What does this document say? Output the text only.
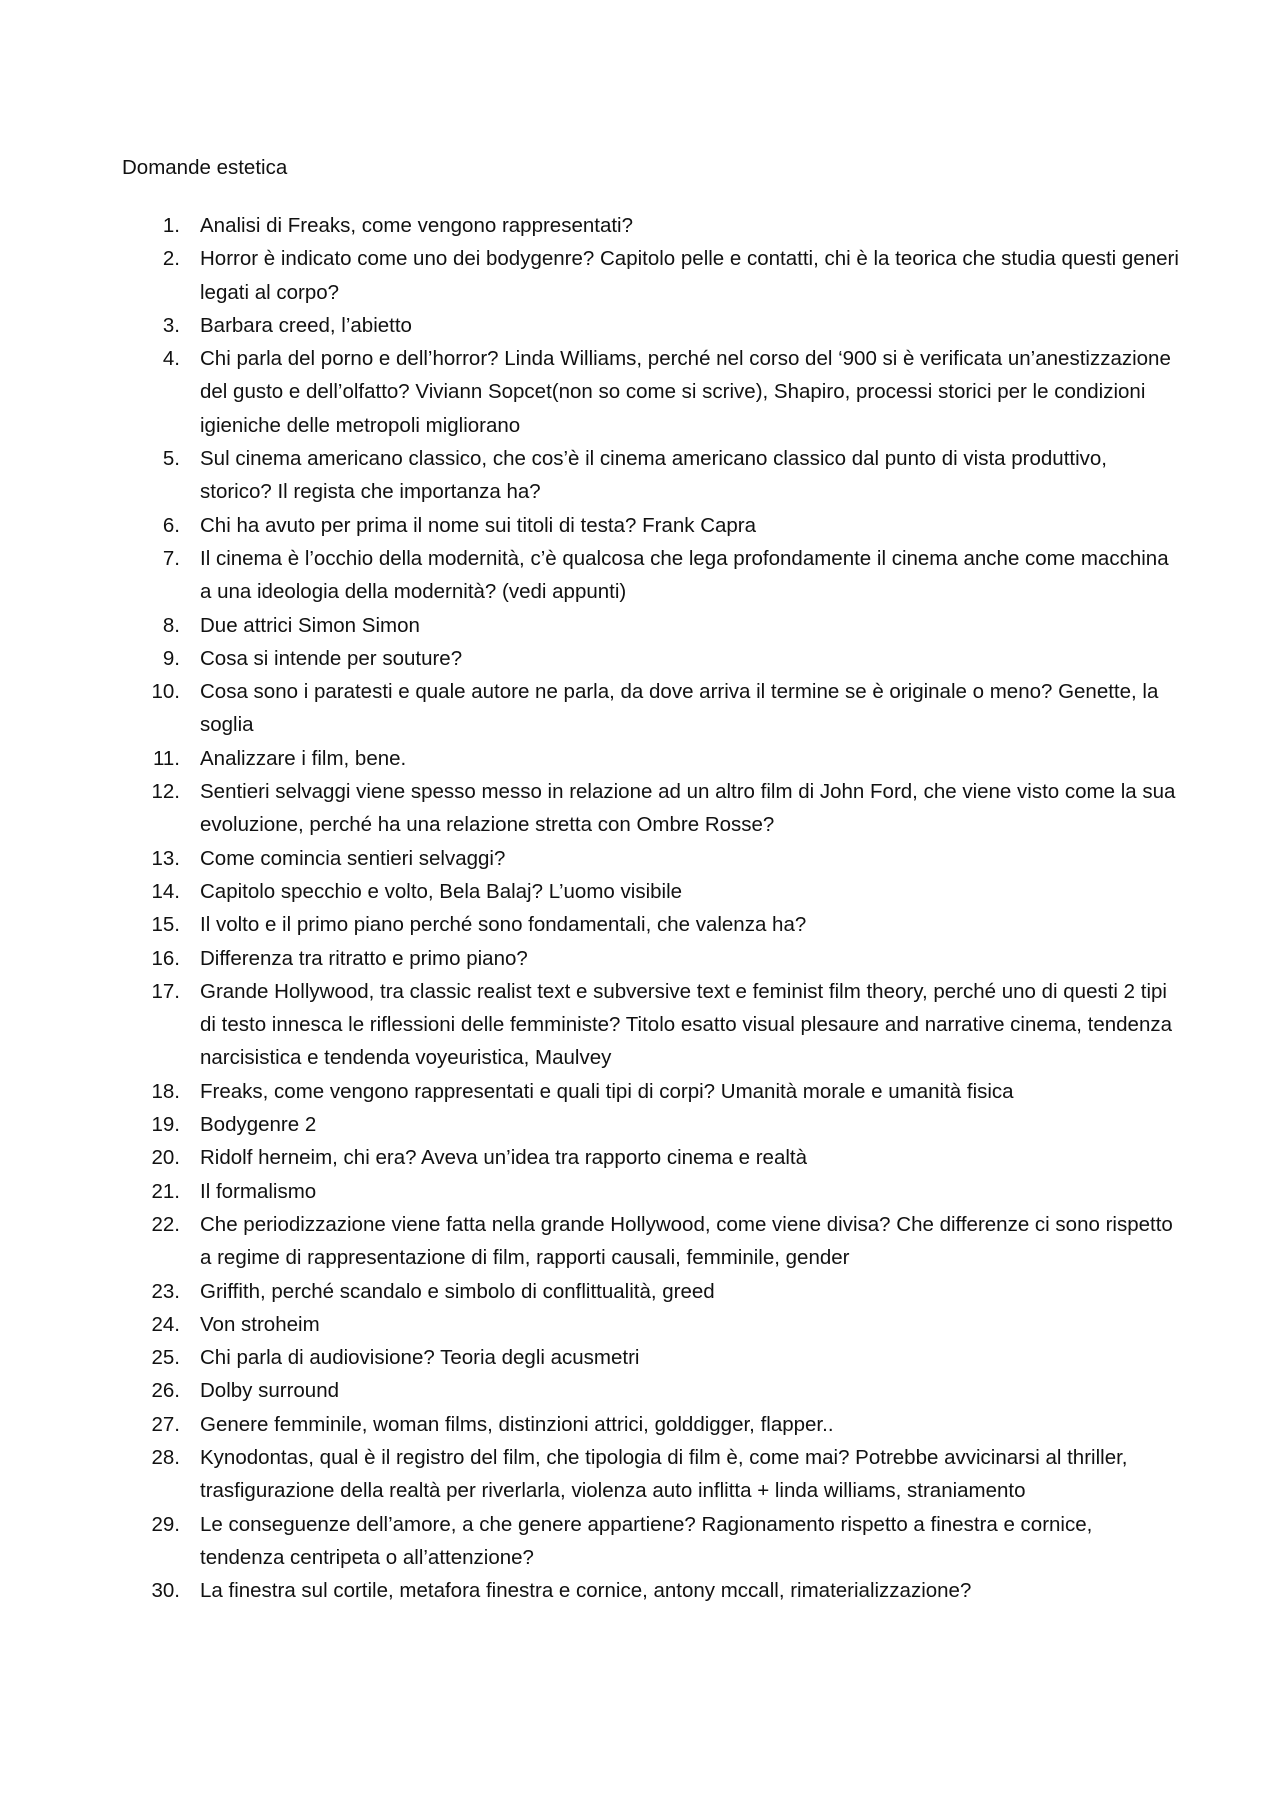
Domande estetica
1. Analisi di Freaks, come vengono rappresentati?
2. Horror è indicato come uno dei bodygenre? Capitolo pelle e contatti, chi è la teorica che studia questi generi legati al corpo?
3. Barbara creed, l’abietto
4. Chi parla del porno e dell’horror? Linda Williams, perché nel corso del ‘900 si è verificata un’anestizzazione del gusto e dell’olfatto? Viviann Sopcet(non so come si scrive), Shapiro, processi storici per le condizioni igieniche delle metropoli migliorano
5. Sul cinema americano classico, che cos’è il cinema americano classico dal punto di vista produttivo, storico? Il regista che importanza ha?
6. Chi ha avuto per prima il nome sui titoli di testa? Frank Capra
7. Il cinema è l’occhio della modernità, c’è qualcosa che lega profondamente il cinema anche come macchina a una ideologia della modernità? (vedi appunti)
8. Due attrici Simon Simon
9. Cosa si intende per souture?
10. Cosa sono i paratesti e quale autore ne parla, da dove arriva il termine se è originale o meno? Genette, la soglia
11. Analizzare i film, bene.
12. Sentieri selvaggi viene spesso messo in relazione ad un altro film di John Ford, che viene visto come la sua evoluzione, perché ha una relazione stretta con Ombre Rosse?
13. Come comincia sentieri selvaggi?
14. Capitolo specchio e volto, Bela Balaj? L’uomo visibile
15. Il volto e il primo piano perché sono fondamentali, che valenza ha?
16. Differenza tra ritratto e primo piano?
17. Grande Hollywood, tra classic realist text e subversive text e feminist film theory, perché uno di questi 2 tipi di testo innesca le riflessioni delle femministe? Titolo esatto visual plesaure and narrative cinema, tendenza narcisistica e tendenda voyeuristica, Maulvey
18. Freaks, come vengono rappresentati e quali tipi di corpi? Umanità morale e umanità fisica
19. Bodygenre 2
20. Ridolf herneim, chi era? Aveva un’idea tra rapporto cinema e realtà
21. Il formalismo
22. Che periodizzazione viene fatta nella grande Hollywood, come viene divisa? Che differenze ci sono rispetto a regime di rappresentazione di film, rapporti causali, femminile, gender
23. Griffith, perché scandalo e simbolo di conflittualità, greed
24. Von stroheim
25. Chi parla di audiovisione? Teoria degli acusmetri
26. Dolby surround
27. Genere femminile, woman films, distinzioni attrici, golddigger, flapper..
28. Kynodontas, qual è il registro del film, che tipologia di film è, come mai? Potrebbe avvicinarsi al thriller, trasfigurazione della realtà per riverlarla, violenza auto inflitta + linda williams, straniamento
29. Le conseguenze dell’amore, a che genere appartiene? Ragionamento rispetto a finestra e cornice, tendenza centripeta o all’attenzione?
30. La finestra sul cortile, metafora finestra e cornice, antony mccall, rimaterializzazione?
